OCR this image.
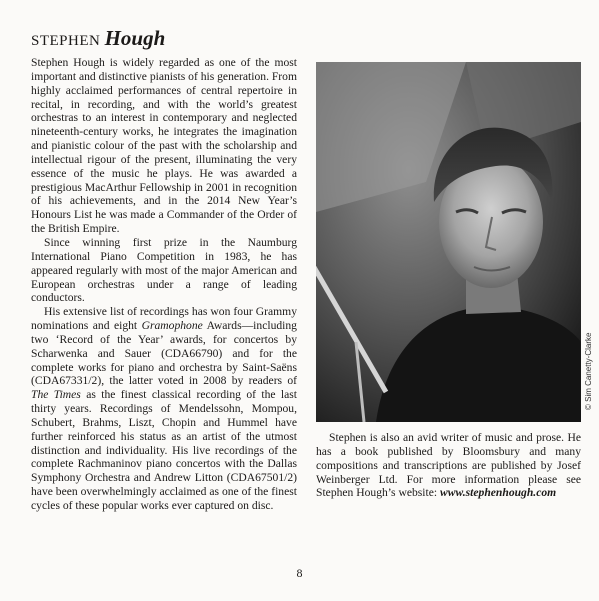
STEPHEN Hough

Stephen Hough is widely regarded as one of the most important and distinctive pianists of his generation. From highly acclaimed performances of central repertoire in recital, in recording, and with the world’s greatest orchestras to an interest in contemporary and neglected nineteenth-century works, he integrates the imagination and pianistic colour of the past with the scholarship and intellectual rigour of the present, illuminating the very essence of the music he plays. He was awarded a prestigious MacArthur Fellowship in 2001 in recognition of his achievements, and in the 2014 New Year’s Honours List he was made a Commander of the Order of the British Empire.

Since winning first prize in the Naumburg International Piano Competition in 1983, he has appeared regularly with most of the major American and European orchestras under a range of leading conductors.

His extensive list of recordings has won four Grammy nominations and eight Gramophone Awards—including two ‘Record of the Year’ awards, for concertos by Scharwenka and Sauer (CDA66790) and for the complete works for piano and orchestra by Saint-Saëns (CDA67331/2), the latter voted in 2008 by readers of The Times as the finest classical recording of the last thirty years. Recordings of Mendelssohn, Mompou, Schubert, Brahms, Liszt, Chopin and Hummel have further reinforced his status as an artist of the utmost distinction and individuality. His live recordings of the complete Rachmaninov piano concertos with the Dallas Symphony Orchestra and Andrew Litton (CDA67501/2) have been overwhelmingly acclaimed as one of the finest cycles of these popular works ever captured on disc.

© Sim Canetty-Clarke

Stephen is also an avid writer of music and prose. He has a book published by Bloomsbury and many compositions and transcriptions are published by Josef Weinberger Ltd. For more information please see Stephen Hough’s website: www.stephenhough.com

8
